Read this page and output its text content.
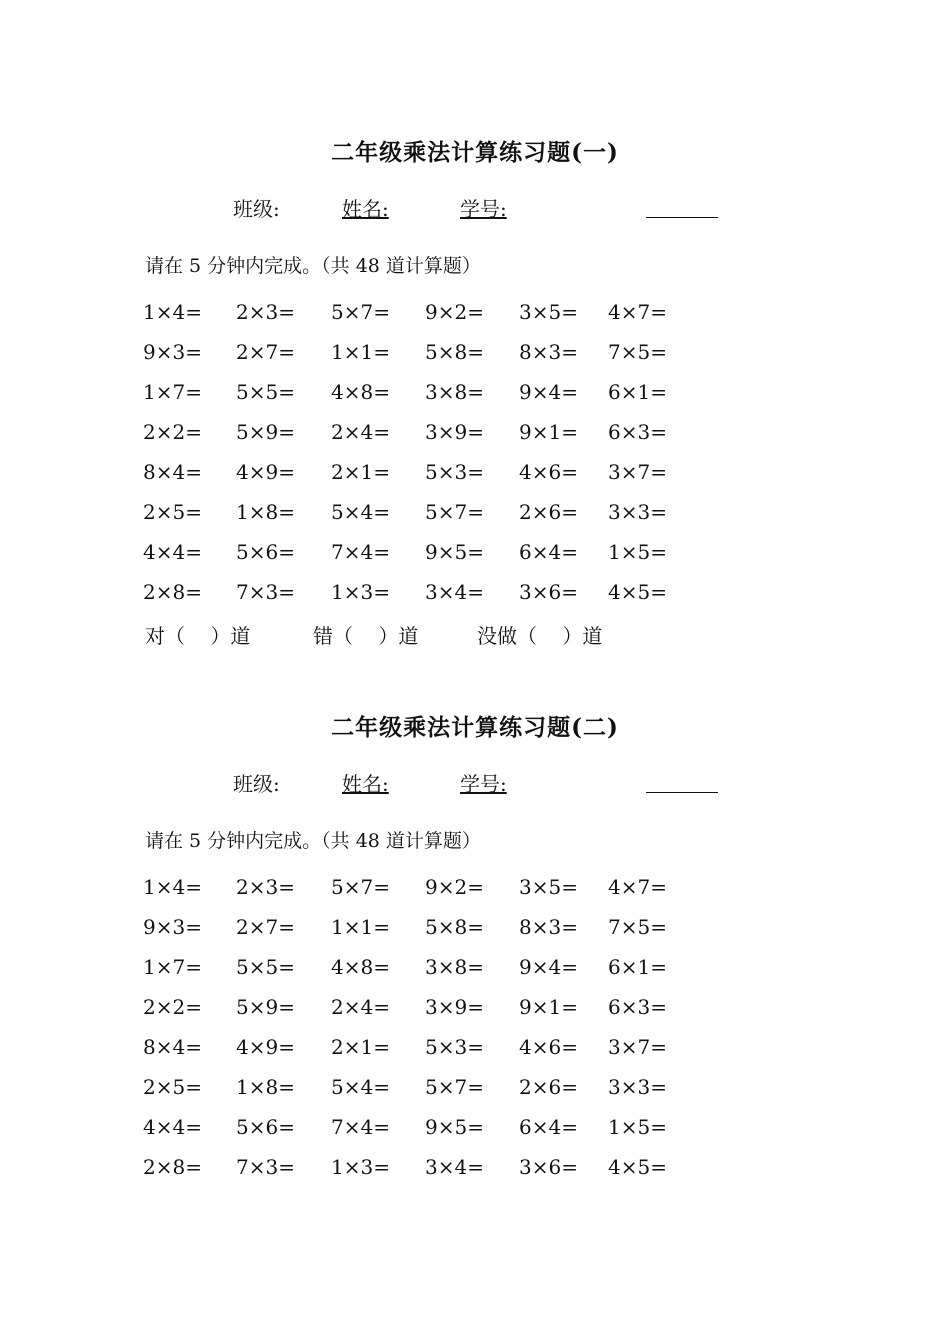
二年级乘法计算练习题(一)
班级:	姓名:	学号:
请在 5 分钟内完成。（共 48 道计算题）
1×4= 2×3= 5×7= 9×2= 3×5= 4×7=
9×3= 2×7= 1×1= 5×8= 8×3= 7×5=
1×7= 5×5= 4×8= 3×8= 9×4= 6×1=
2×2= 5×9= 2×4= 3×9= 9×1= 6×3=
8×4= 4×9= 2×1= 5×3= 4×6= 3×7=
2×5= 1×8= 5×4= 5×7= 2×6= 3×3=
4×4= 5×6= 7×4= 9×5= 6×4= 1×5=
2×8= 7×3= 1×3= 3×4= 3×6= 4×5=
对（    ）道	错（    ）道	没做（    ）道
二年级乘法计算练习题(二)
班级:	姓名:	学号:
请在 5 分钟内完成。（共 48 道计算题）
1×4= 2×3= 5×7= 9×2= 3×5= 4×7=
9×3= 2×7= 1×1= 5×8= 8×3= 7×5=
1×7= 5×5= 4×8= 3×8= 9×4= 6×1=
2×2= 5×9= 2×4= 3×9= 9×1= 6×3=
8×4= 4×9= 2×1= 5×3= 4×6= 3×7=
2×5= 1×8= 5×4= 5×7= 2×6= 3×3=
4×4= 5×6= 7×4= 9×5= 6×4= 1×5=
2×8= 7×3= 1×3= 3×4= 3×6= 4×5=
